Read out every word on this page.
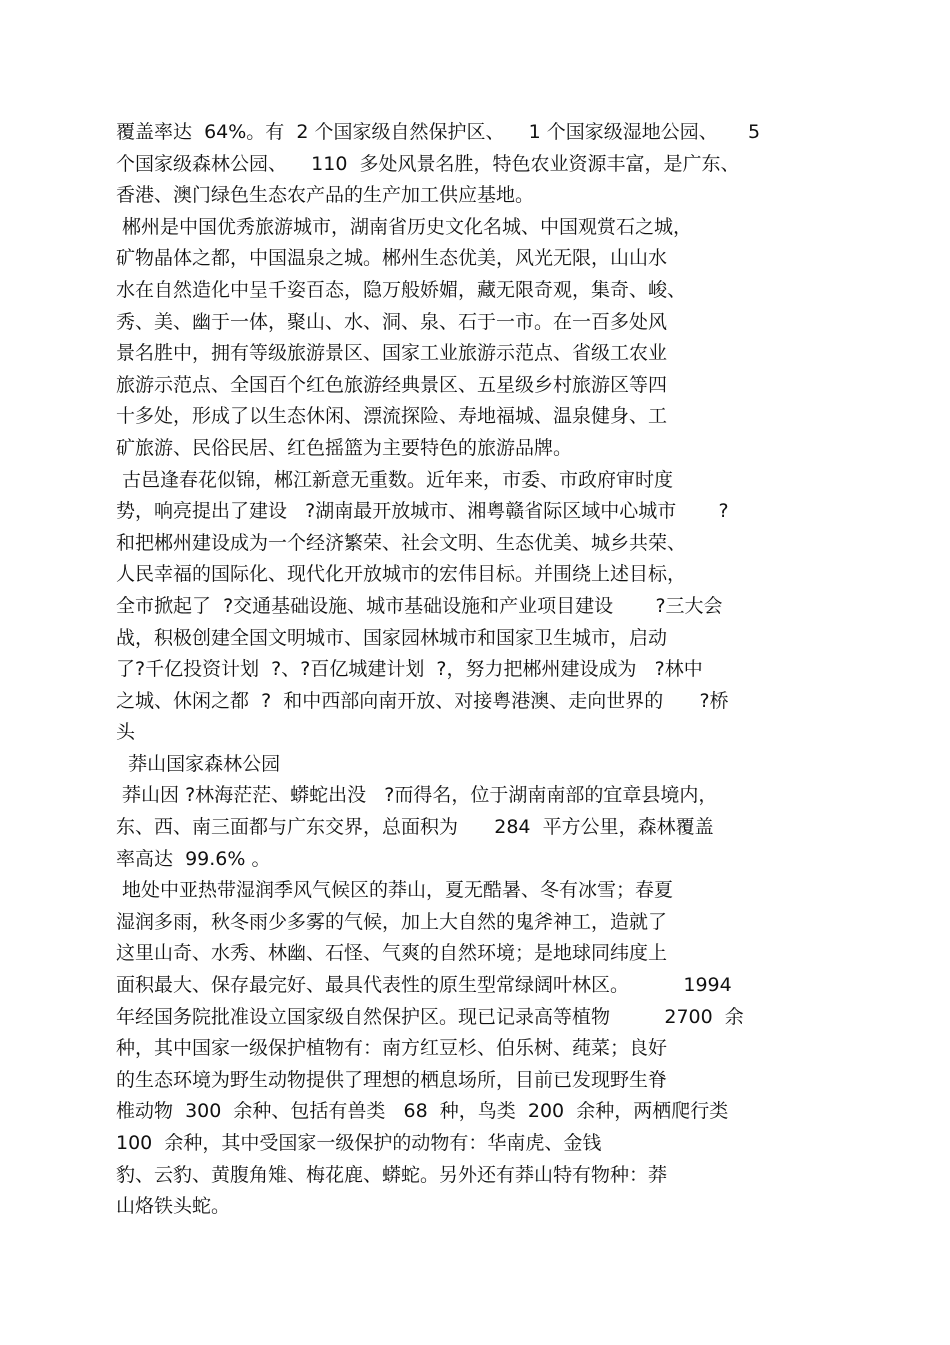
覆盖率达  64%。有  2 个国家级自然保护区、    1 个国家级湿地公园、     5
个国家级森林公园、    110  多处风景名胜，特色农业资源丰富，是广东、
香港、澳门绿色生态农产品的生产加工供应基地。
郴州是中国优秀旅游城市，湖南省历史文化名城、中国观赏石之城，
矿物晶体之都，中国温泉之城。郴州生态优美，风光无限，山山水
水在自然造化中呈千姿百态，隐万般娇媚，藏无限奇观，集奇、峻、
秀、美、幽于一体，聚山、水、洞、泉、石于一市。在一百多处风
景名胜中，拥有等级旅游景区、国家工业旅游示范点、省级工农业
旅游示范点、全国百个红色旅游经典景区、五星级乡村旅游区等四
十多处，形成了以生态休闲、漂流探险、寿地福城、温泉健身、工
矿旅游、民俗民居、红色摇篮为主要特色的旅游品牌。
古邑逢春花似锦，郴江新意无重数。近年来，市委、市政府审时度
势，响亮提出了建设   ?湖南最开放城市、湘粤赣省际区域中心城市       ?
和把郴州建设成为一个经济繁荣、社会文明、生态优美、城乡共荣、
人民幸福的国际化、现代化开放城市的宏伟目标。并围绕上述目标，
全市掀起了  ?交通基础设施、城市基础设施和产业项目建设       ?三大会
战，积极创建全国文明城市、国家园林城市和国家卫生城市，启动
了?千亿投资计划  ?、?百亿城建计划  ?，努力把郴州建设成为   ?林中
之城、休闲之都  ?  和中西部向南开放、对接粤港澳、走向世界的      ?桥
头
莽山国家森林公园
莽山因 ?林海茫茫、蟒蛇出没   ?而得名，位于湖南南部的宜章县境内，
东、西、南三面都与广东交界，总面积为      284  平方公里，森林覆盖
率高达  99.6% 。
地处中亚热带湿润季风气候区的莽山，夏无酷暑、冬有冰雪；春夏
湿润多雨，秋冬雨少多雾的气候，加上大自然的鬼斧神工，造就了
这里山奇、水秀、林幽、石怪、气爽的自然环境；是地球同纬度上
面积最大、保存最完好、最具代表性的原生型常绿阔叶林区。         1994
年经国务院批准设立国家级自然保护区。现已记录高等植物         2700  余
种，其中国家一级保护植物有：南方红豆杉、伯乐树、莼菜；良好
的生态环境为野生动物提供了理想的栖息场所，目前已发现野生脊
椎动物  300  余种、包括有兽类   68  种，鸟类  200  余种，两栖爬行类
100  余种，其中受国家一级保护的动物有：华南虎、金钱
豹、云豹、黄腹角雉、梅花鹿、蟒蛇。另外还有莽山特有物种：莽
山烙铁头蛇。
